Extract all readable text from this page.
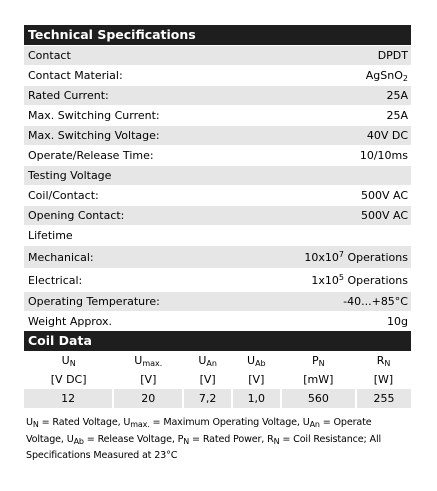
Technical Specifications
Contact	DPDT
Contact Material:	AgSnO$_2$
Rated Current:	25A
Max. Switching Current:	25A
Max. Switching Voltage:	40V DC
Operate/Release Time:	10/10ms
Testing Voltage
Coil/Contact:	500V AC
Opening Contact:	500V AC
Lifetime
Mechanical:	$10x10^7$ Operations
Electrical:	$1x10^5$ Operations
Operating Temperature:	-40...+85°C
Weight Approx.	10g
Coil Data
$U_N$	$U_{max.}$	$U_{An}$	$U_{Ab}$	$P_N$	$R_N$
[V DC]	[V]	[V]	[V]	[mW]	[W]
12	20	7,2	1,0	560	255
$U_N$ = Rated Voltage, $U_{max.}$ = Maximum Operating Voltage, $U_{An}$ = Operate Voltage, $U_{Ab}$ = Release Voltage, $P_N$ = Rated Power, $R_N$ = Coil Resistance; All Specifications Measured at 23°C
